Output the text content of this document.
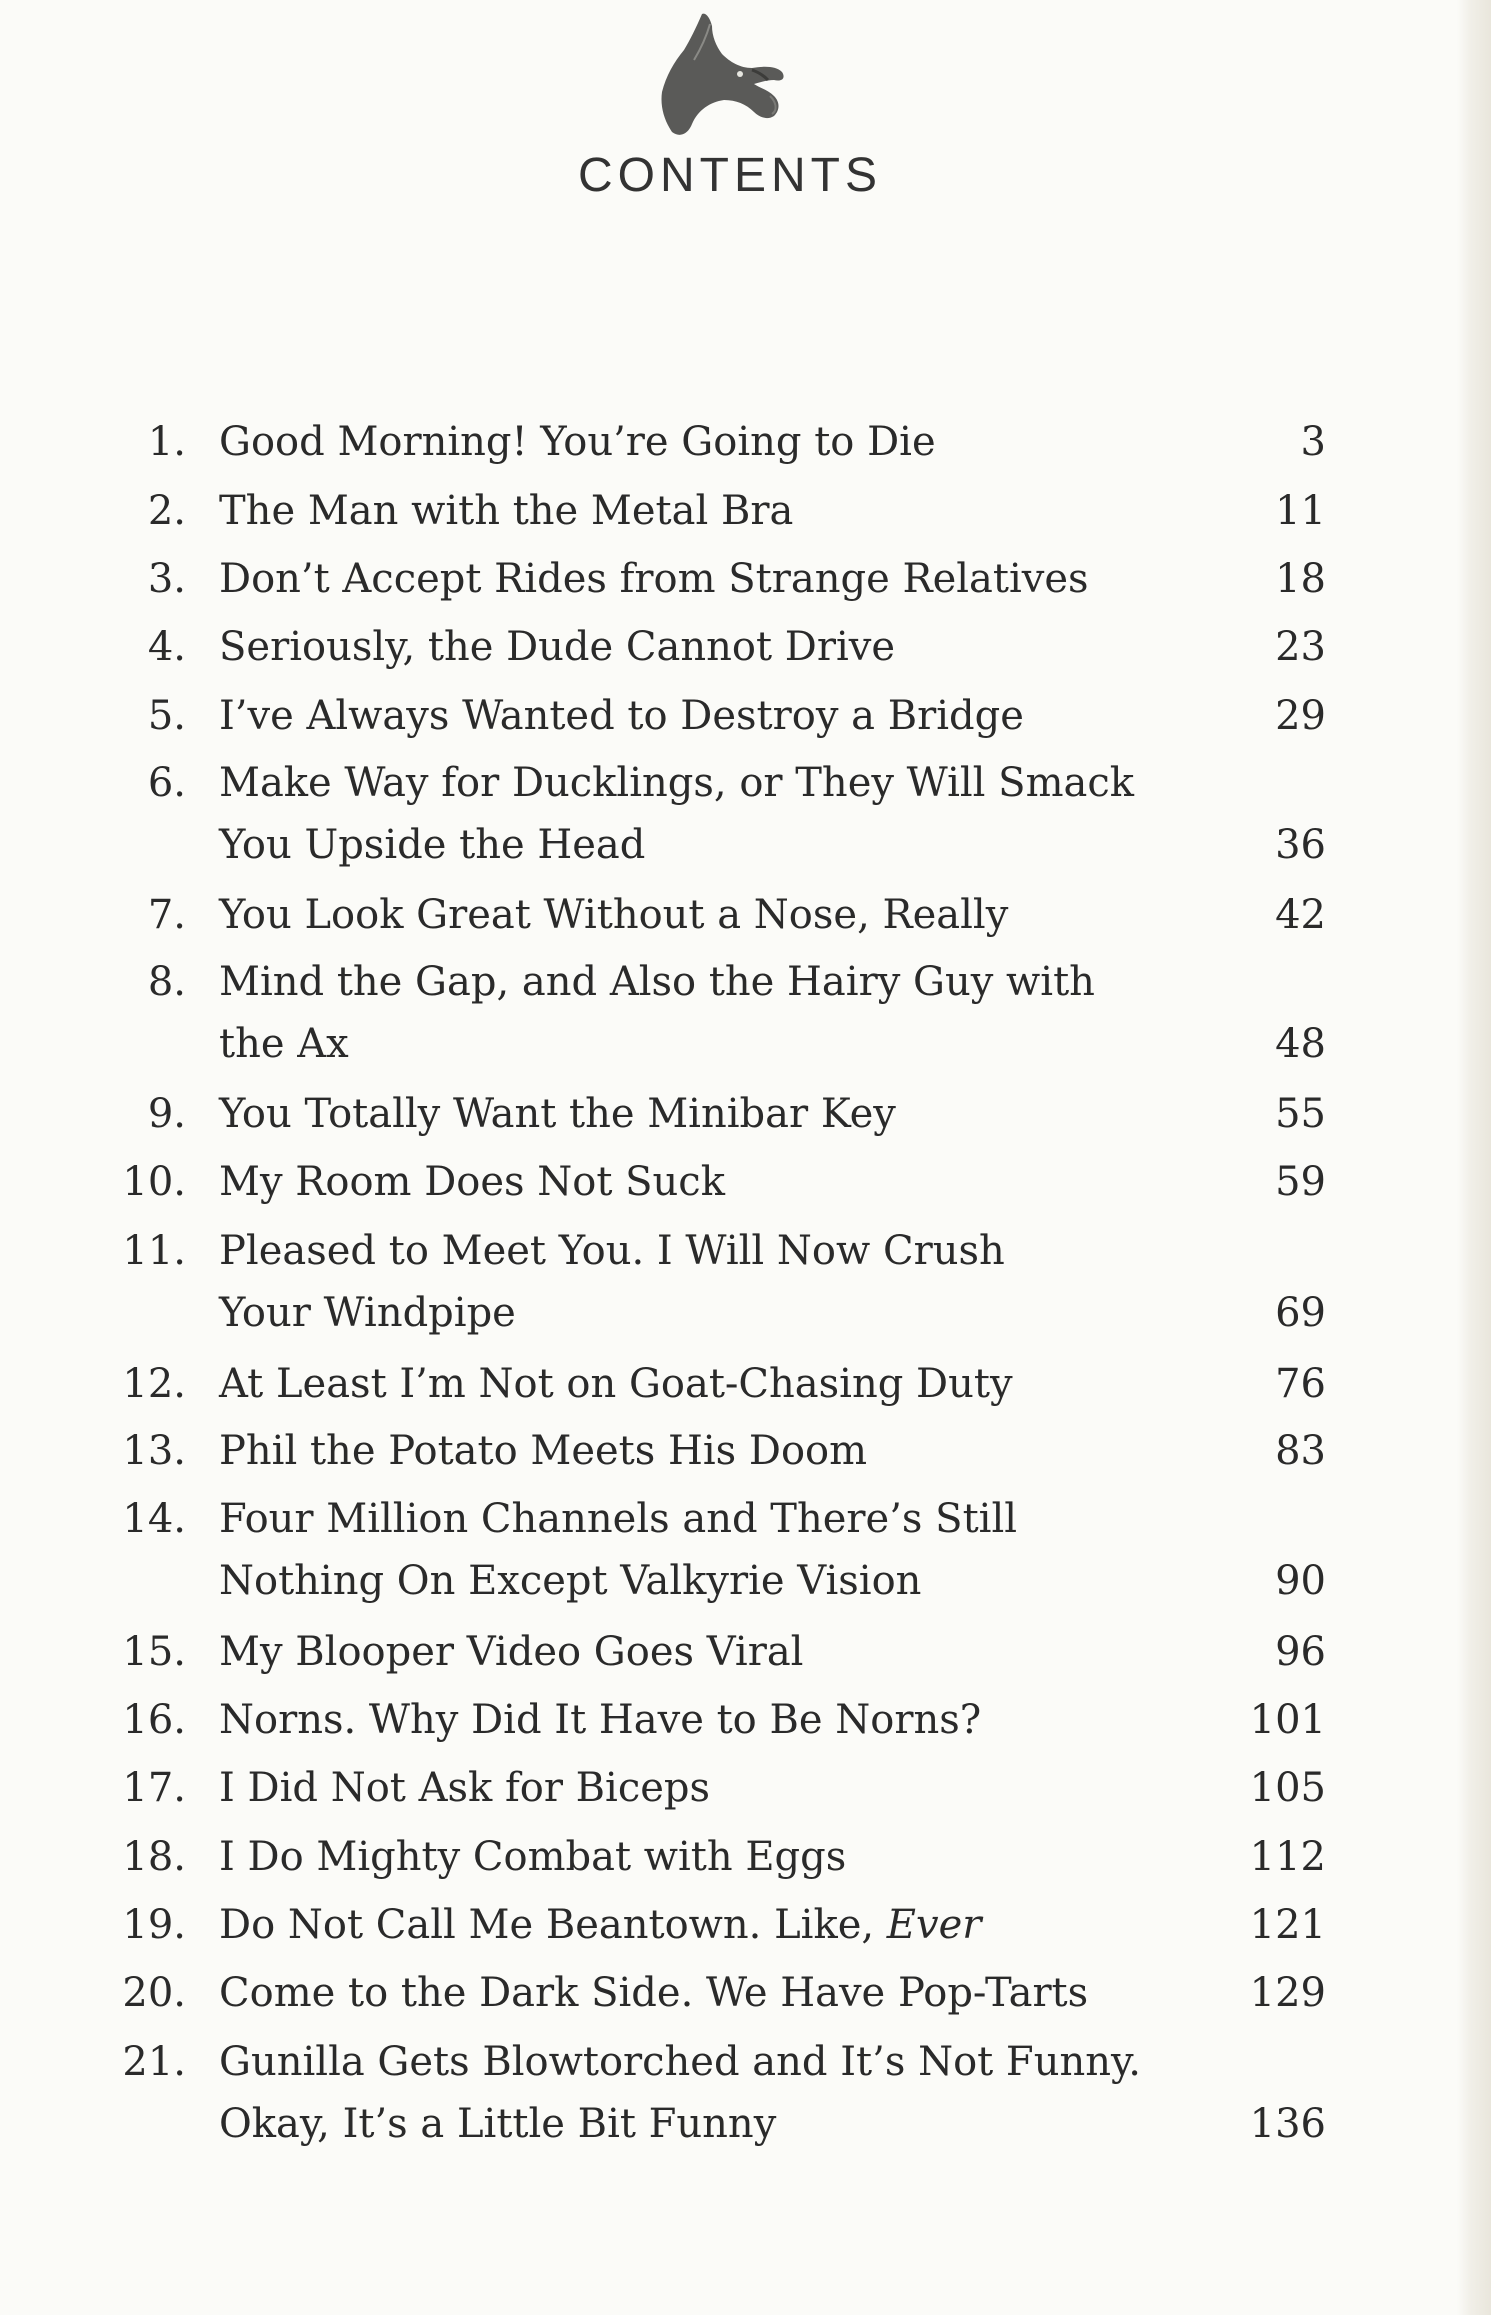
CONTENTS
1. Good Morning! You’re Going to Die	3
2. The Man with the Metal Bra	11
3. Don’t Accept Rides from Strange Relatives	18
4. Seriously, the Dude Cannot Drive	23
5. I’ve Always Wanted to Destroy a Bridge	29
6. Make Way for Ducklings, or They Will Smack
You Upside the Head	36
7. You Look Great Without a Nose, Really	42
8. Mind the Gap, and Also the Hairy Guy with
the Ax	48
9. You Totally Want the Minibar Key	55
10. My Room Does Not Suck	59
11. Pleased to Meet You. I Will Now Crush
Your Windpipe	69
12. At Least I’m Not on Goat-Chasing Duty	76
13. Phil the Potato Meets His Doom	83
14. Four Million Channels and There’s Still
Nothing On Except Valkyrie Vision	90
15. My Blooper Video Goes Viral	96
16. Norns. Why Did It Have to Be Norns?	101
17. I Did Not Ask for Biceps	105
18. I Do Mighty Combat with Eggs	112
19. Do Not Call Me Beantown. Like, Ever	121
20. Come to the Dark Side. We Have Pop-Tarts	129
21. Gunilla Gets Blowtorched and It’s Not Funny.
Okay, It’s a Little Bit Funny	136
